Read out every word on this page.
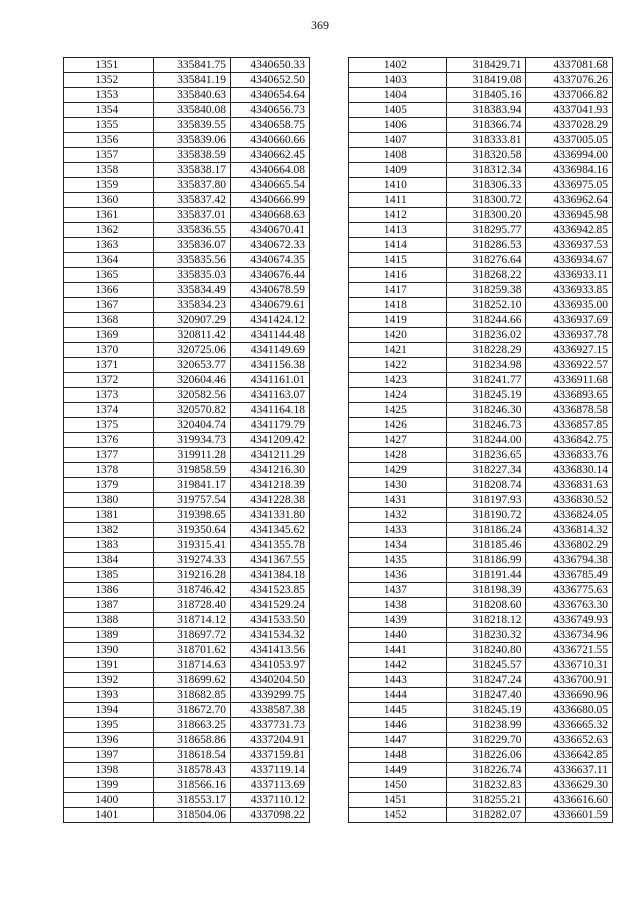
369
1351	335841.75	4340650.33
1352	335841.19	4340652.50
1353	335840.63	4340654.64
1354	335840.08	4340656.73
1355	335839.55	4340658.75
1356	335839.06	4340660.66
1357	335838.59	4340662.45
1358	335838.17	4340664.08
1359	335837.80	4340665.54
1360	335837.42	4340666.99
1361	335837.01	4340668.63
1362	335836.55	4340670.41
1363	335836.07	4340672.33
1364	335835.56	4340674.35
1365	335835.03	4340676.44
1366	335834.49	4340678.59
1367	335834.23	4340679.61
1368	320907.29	4341424.12
1369	320811.42	4341144.48
1370	320725.06	4341149.69
1371	320653.77	4341156.38
1372	320604.46	4341161.01
1373	320582.56	4341163.07
1374	320570.82	4341164.18
1375	320404.74	4341179.79
1376	319934.73	4341209.42
1377	319911.28	4341211.29
1378	319858.59	4341216.30
1379	319841.17	4341218.39
1380	319757.54	4341228.38
1381	319398.65	4341331.80
1382	319350.64	4341345.62
1383	319315.41	4341355.78
1384	319274.33	4341367.55
1385	319216.28	4341384.18
1386	318746.42	4341523.85
1387	318728.40	4341529.24
1388	318714.12	4341533.50
1389	318697.72	4341534.32
1390	318701.62	4341413.56
1391	318714.63	4341053.97
1392	318699.62	4340204.50
1393	318682.85	4339299.75
1394	318672.70	4338587.38
1395	318663.25	4337731.73
1396	318658.86	4337204.91
1397	318618.54	4337159.81
1398	318578.43	4337119.14
1399	318566.16	4337113.69
1400	318553.17	4337110.12
1401	318504.06	4337098.22
1402	318429.71	4337081.68
1403	318419.08	4337076.26
1404	318405.16	4337066.82
1405	318383.94	4337041.93
1406	318366.74	4337028.29
1407	318333.81	4337005.05
1408	318320.58	4336994.00
1409	318312.34	4336984.16
1410	318306.33	4336975.05
1411	318300.72	4336962.64
1412	318300.20	4336945.98
1413	318295.77	4336942.85
1414	318286.53	4336937.53
1415	318276.64	4336934.67
1416	318268.22	4336933.11
1417	318259.38	4336933.85
1418	318252.10	4336935.00
1419	318244.66	4336937.69
1420	318236.02	4336937.78
1421	318228.29	4336927.15
1422	318234.98	4336922.57
1423	318241.77	4336911.68
1424	318245.19	4336893.65
1425	318246.30	4336878.58
1426	318246.73	4336857.85
1427	318244.00	4336842.75
1428	318236.65	4336833.76
1429	318227.34	4336830.14
1430	318208.74	4336831.63
1431	318197.93	4336830.52
1432	318190.72	4336824.05
1433	318186.24	4336814.32
1434	318185.46	4336802.29
1435	318186.99	4336794.38
1436	318191.44	4336785.49
1437	318198.39	4336775.63
1438	318208.60	4336763.30
1439	318218.12	4336749.93
1440	318230.32	4336734.96
1441	318240.80	4336721.55
1442	318245.57	4336710.31
1443	318247.24	4336700.91
1444	318247.40	4336690.96
1445	318245.19	4336680.05
1446	318238.99	4336665.32
1447	318229.70	4336652.63
1448	318226.06	4336642.85
1449	318226.74	4336637.11
1450	318232.83	4336629.30
1451	318255.21	4336616.60
1452	318282.07	4336601.59
